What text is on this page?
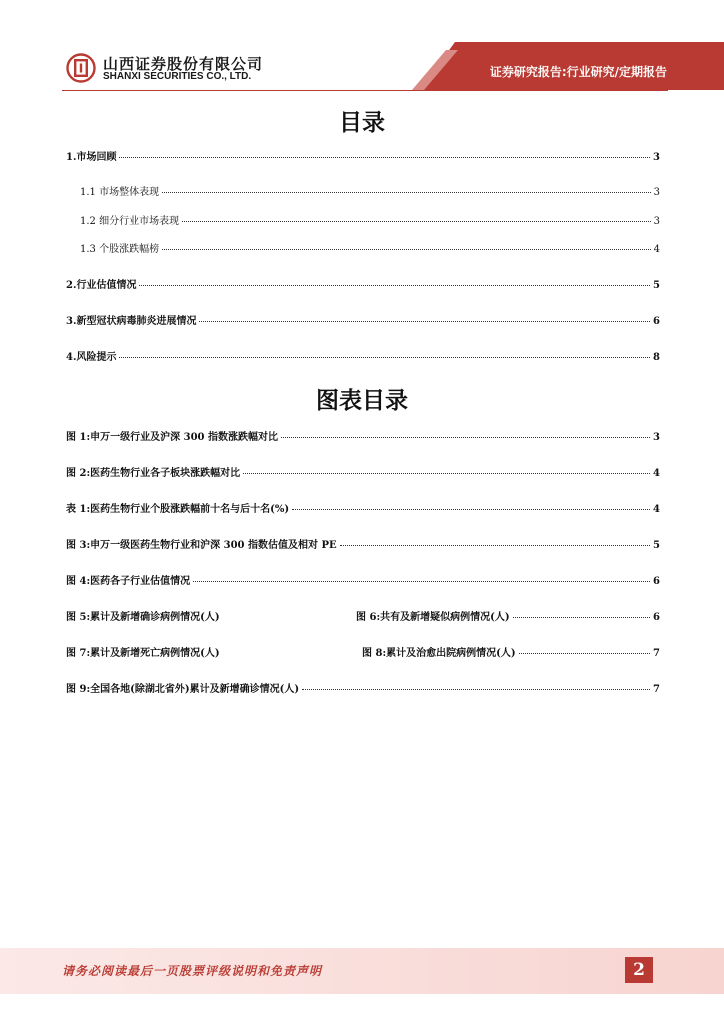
山西证券股份有限公司
SHANXI SECURITIES CO., LTD.	证券研究报告:行业研究/定期报告
目录
1.市场回顾	3
1.1 市场整体表现	3
1.2 细分行业市场表现	3
1.3 个股涨跌幅榜	4
2.行业估值情况	5
3.新型冠状病毒肺炎进展情况	6
4.风险提示	8
图表目录
图 1:申万一级行业及沪深 300 指数涨跌幅对比	3
图 2:医药生物行业各子板块涨跌幅对比	4
表 1:医药生物行业个股涨跌幅前十名与后十名(%)	4
图 3:申万一级医药生物行业和沪深 300 指数估值及相对 PE	5
图 4:医药各子行业估值情况	6
图 5:累计及新增确诊病例情况(人)	图 6:共有及新增疑似病例情况(人)	6
图 7:累计及新增死亡病例情况(人)	图 8:累计及治愈出院病例情况(人)	7
图 9:全国各地(除湖北省外)累计及新增确诊情况(人)	7
请务必阅读最后一页股票评级说明和免责声明	2
